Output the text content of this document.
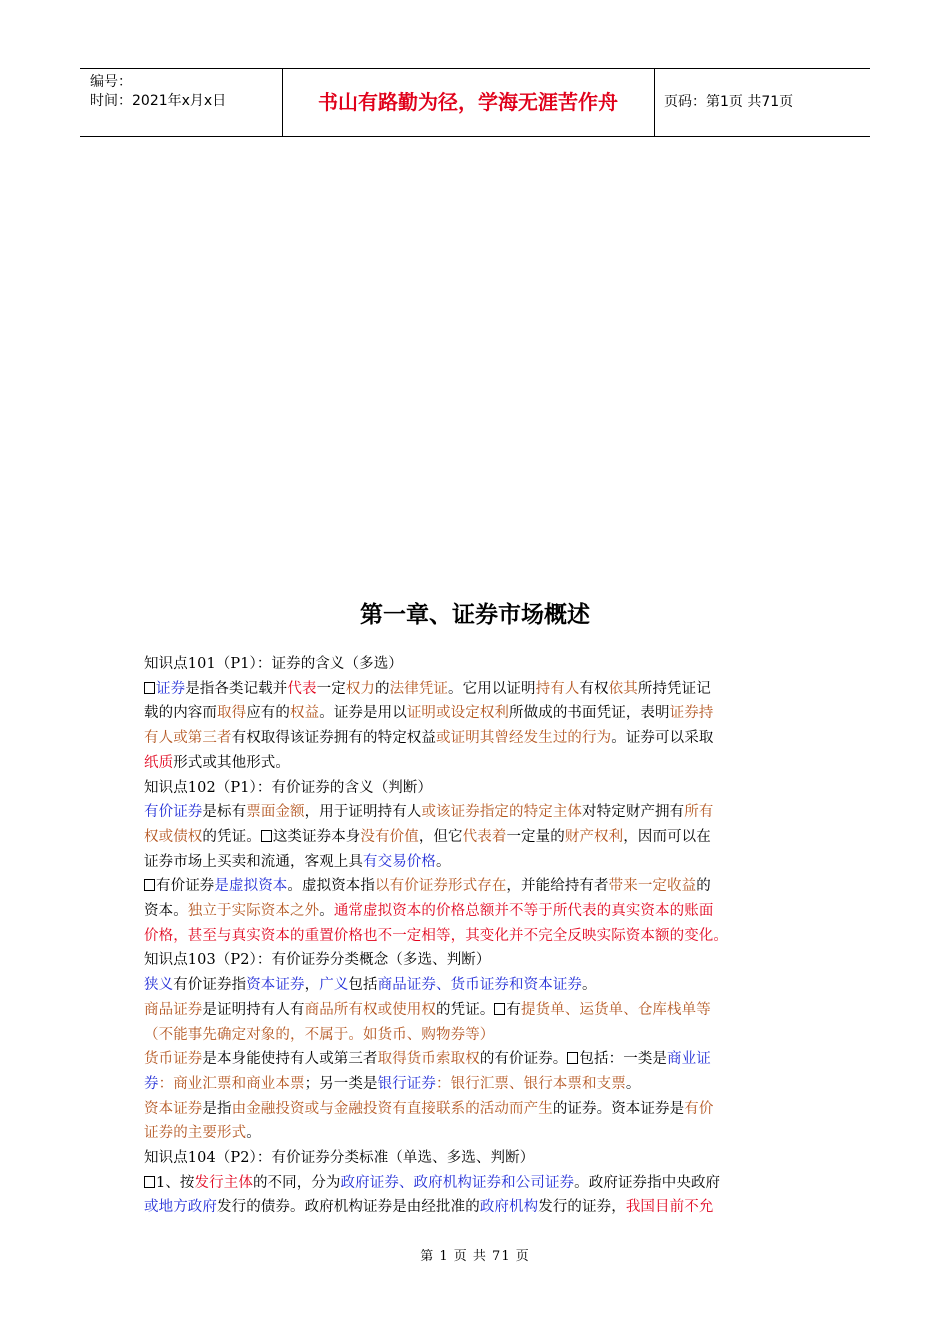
编号：
时间：2021年x月x日	书山有路勤为径，学海无涯苦作舟	页码：第1页 共71页
第一章、证券市场概述

知识点101（P1）：证券的含义（多选）

证券是指各类记载并代表一定权力的法律凭证。它用以证明持有人有权依其所持凭证记

载的内容而取得应有的权益。证券是用以证明或设定权利所做成的书面凭证，表明证券持

有人或第三者有权取得该证券拥有的特定权益或证明其曾经发生过的行为。证券可以采取

纸质形式或其他形式。

知识点102（P1）：有价证券的含义（判断）

有价证券是标有票面金额，用于证明持有人或该证券指定的特定主体对特定财产拥有所有

权或债权的凭证。 这类证券本身没有价值，但它代表着一定量的财产权利，因而可以在

证券市场上买卖和流通，客观上具有交易价格。

有价证券是虚拟资本。虚拟资本指以有价证券形式存在，并能给持有者带来一定收益的

资本。独立于实际资本之外。通常虚拟资本的价格总额并不等于所代表的真实资本的账面

价格，甚至与真实资本的重置价格也不一定相等，其变化并不完全反映实际资本额的变化。

知识点103（P2）：有价证券分类概念（多选、判断）

狭义有价证券指资本证券，广义包括商品证券、货币证券和资本证券。

商品证券是证明持有人有商品所有权或使用权的凭证。 有提货单、运货单、仓库栈单等

（不能事先确定对象的，不属于。如货币、购物券等）

货币证券是本身能使持有人或第三者取得货币索取权的有价证券。 包括：一类是商业证

券：商业汇票和商业本票；另一类是银行证券：银行汇票、银行本票和支票。

资本证券是指由金融投资或与金融投资有直接联系的活动而产生的证券。资本证券是有价

证券的主要形式。

知识点104（P2）：有价证券分类标准（单选、多选、判断）

1、按发行主体的不同，分为政府证券、政府机构证券和公司证券。政府证券指中央政府

或地方政府发行的债券。政府机构证券是由经批准的政府机构发行的证券，我国目前不允

第 1 页 共 71 页
